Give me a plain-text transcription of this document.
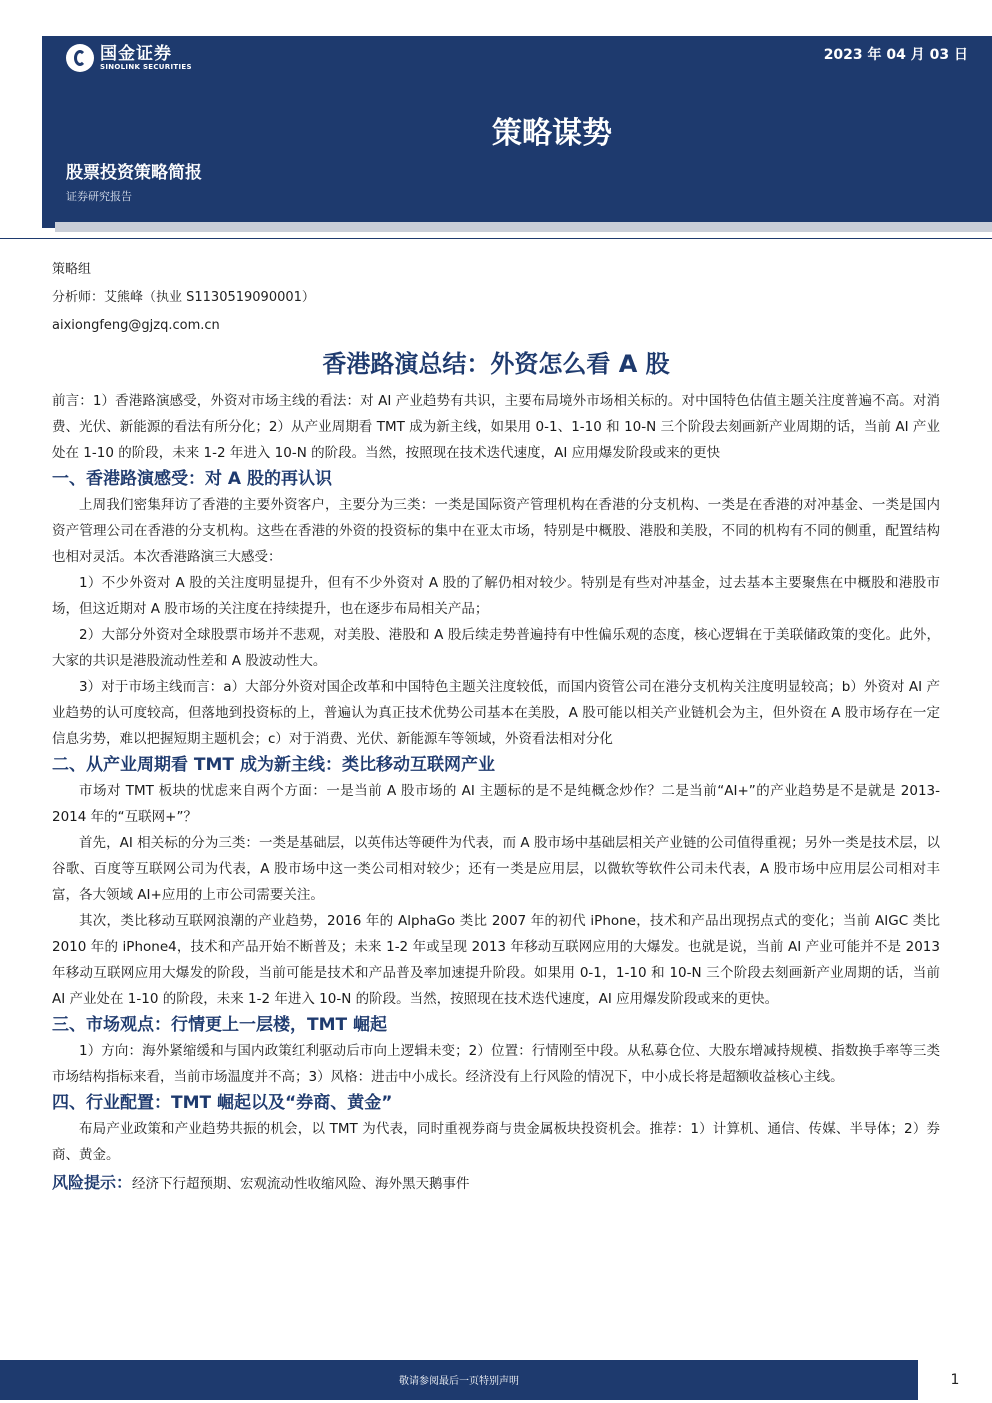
国金证券
SINOLINK SECURITIES
2023 年 04 月 03 日
策略谋势
股票投资策略简报
证券研究报告
策略组
分析师：艾熊峰（执业 S1130519090001）
aixiongfeng@gjzq.com.cn
香港路演总结：外资怎么看 A 股

前言：1）香港路演感受，外资对市场主线的看法：对 AI 产业趋势有共识，主要布局境外市场相关标的。对中国特色估值主题关注度普遍不高。对消费、光伏、新能源的看法有所分化；2）从产业周期看 TMT 成为新主线，如果用 0-1、1-10 和 10-N 三个阶段去刻画新产业周期的话，当前 AI 产业处在 1-10 的阶段，未来 1-2 年进入 10-N 的阶段。当然，按照现在技术迭代速度，AI 应用爆发阶段或来的更快

一、香港路演感受：对 A 股的再认识

上周我们密集拜访了香港的主要外资客户，主要分为三类：一类是国际资产管理机构在香港的分支机构、一类是在香港的对冲基金、一类是国内资产管理公司在香港的分支机构。这些在香港的外资的投资标的集中在亚太市场，特别是中概股、港股和美股，不同的机构有不同的侧重，配置结构也相对灵活。本次香港路演三大感受：

1）不少外资对 A 股的关注度明显提升，但有不少外资对 A 股的了解仍相对较少。特别是有些对冲基金，过去基本主要聚焦在中概股和港股市场，但这近期对 A 股市场的关注度在持续提升，也在逐步布局相关产品；

2）大部分外资对全球股票市场并不悲观，对美股、港股和 A 股后续走势普遍持有中性偏乐观的态度，核心逻辑在于美联储政策的变化。此外，大家的共识是港股流动性差和 A 股波动性大。

3）对于市场主线而言：a）大部分外资对国企改革和中国特色主题关注度较低，而国内资管公司在港分支机构关注度明显较高；b）外资对 AI 产业趋势的认可度较高，但落地到投资标的上，普遍认为真正技术优势公司基本在美股，A 股可能以相关产业链机会为主，但外资在 A 股市场存在一定信息劣势，难以把握短期主题机会；c）对于消费、光伏、新能源车等领域，外资看法相对分化

二、从产业周期看 TMT 成为新主线：类比移动互联网产业

市场对 TMT 板块的忧虑来自两个方面：一是当前 A 股市场的 AI 主题标的是不是纯概念炒作？二是当前“AI+”的产业趋势是不是就是 2013-2014 年的“互联网+”？

首先，AI 相关标的分为三类：一类是基础层，以英伟达等硬件为代表，而 A 股市场中基础层相关产业链的公司值得重视；另外一类是技术层，以谷歌、百度等互联网公司为代表，A 股市场中这一类公司相对较少；还有一类是应用层，以微软等软件公司未代表，A 股市场中应用层公司相对丰富，各大领域 AI+应用的上市公司需要关注。

其次，类比移动互联网浪潮的产业趋势，2016 年的 AlphaGo 类比 2007 年的初代 iPhone，技术和产品出现拐点式的变化；当前 AIGC 类比 2010 年的 iPhone4，技术和产品开始不断普及；未来 1-2 年或呈现 2013 年移动互联网应用的大爆发。也就是说，当前 AI 产业可能并不是 2013 年移动互联网应用大爆发的阶段，当前可能是技术和产品普及率加速提升阶段。如果用 0-1，1-10 和 10-N 三个阶段去刻画新产业周期的话，当前 AI 产业处在 1-10 的阶段，未来 1-2 年进入 10-N 的阶段。当然，按照现在技术迭代速度，AI 应用爆发阶段或来的更快。

三、市场观点：行情更上一层楼，TMT 崛起

1）方向：海外紧缩缓和与国内政策红利驱动后市向上逻辑未变；2）位置：行情刚至中段。从私募仓位、大股东增减持规模、指数换手率等三类市场结构指标来看，当前市场温度并不高；3）风格：进击中小成长。经济没有上行风险的情况下，中小成长将是超额收益核心主线。

四、行业配置：TMT 崛起以及“券商、黄金”

布局产业政策和产业趋势共振的机会，以 TMT 为代表，同时重视券商与贵金属板块投资机会。推荐：1）计算机、通信、传媒、半导体；2）券商、黄金。

风险提示：经济下行超预期、宏观流动性收缩风险、海外黑天鹅事件
敬请参阅最后一页特别声明	1
